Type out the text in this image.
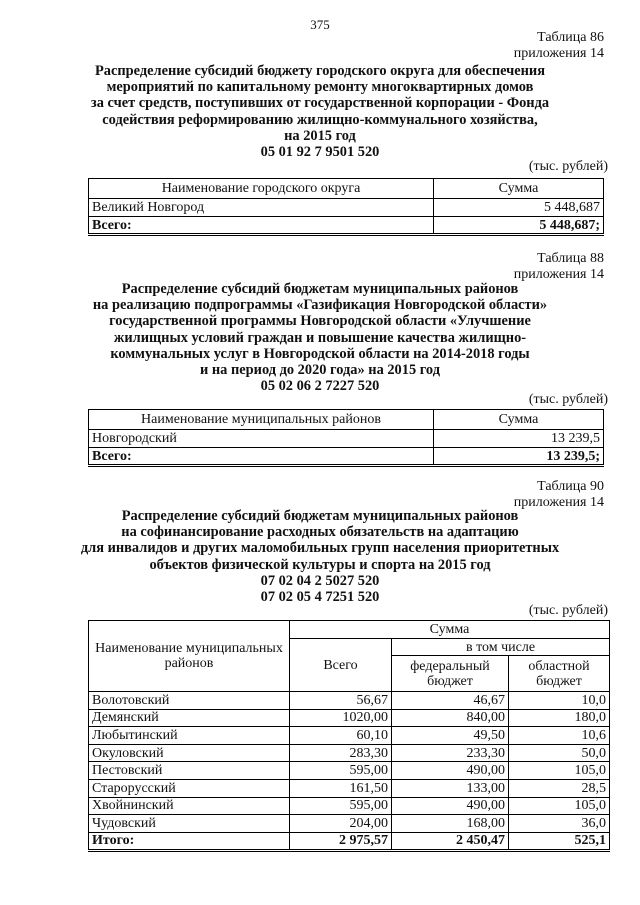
375
Таблица 86
приложения 14
Распределение субсидий бюджету городского округа для обеспечения
мероприятий по капитальному ремонту многоквартирных домов
за счет средств, поступивших от государственной корпорации - Фонда
содействия реформированию жилищно-коммунального хозяйства,
на 2015 год
05 01 92 7 9501 520
(тыс. рублей)
Наименование городского округа	Сумма
Великий Новгород	5 448,687
Всего:	5 448,687;
Таблица 88
приложения 14
Распределение субсидий бюджетам муниципальных районов
на реализацию подпрограммы «Газификация Новгородской области»
государственной программы Новгородской области «Улучшение
жилищных условий граждан и повышение качества жилищно-
коммунальных услуг в Новгородской области на 2014-2018 годы
и на период до 2020 года» на 2015 год
05 02 06 2 7227 520
(тыс. рублей)
Наименование муниципальных районов	Сумма
Новгородский	13 239,5
Всего:	13 239,5;
Таблица 90
приложения 14
Распределение субсидий бюджетам муниципальных районов
на софинансирование расходных обязательств на адаптацию
для инвалидов и других маломобильных групп населения приоритетных
объектов физической культуры и спорта на 2015 год
07 02 04 2 5027 520
07 02 05 4 7251 520
(тыс. рублей)
Наименование муниципальных районов	Сумма		
	Всего	в том числе	
		федеральный бюджет	областной бюджет
Волотовский	56,67	46,67	10,0
Демянский	1020,00	840,00	180,0
Любытинский	60,10	49,50	10,6
Окуловский	283,30	233,30	50,0
Пестовский	595,00	490,00	105,0
Старорусский	161,50	133,00	28,5
Хвойнинский	595,00	490,00	105,0
Чудовский	204,00	168,00	36,0
Итого:	2 975,57	2 450,47	525,1
